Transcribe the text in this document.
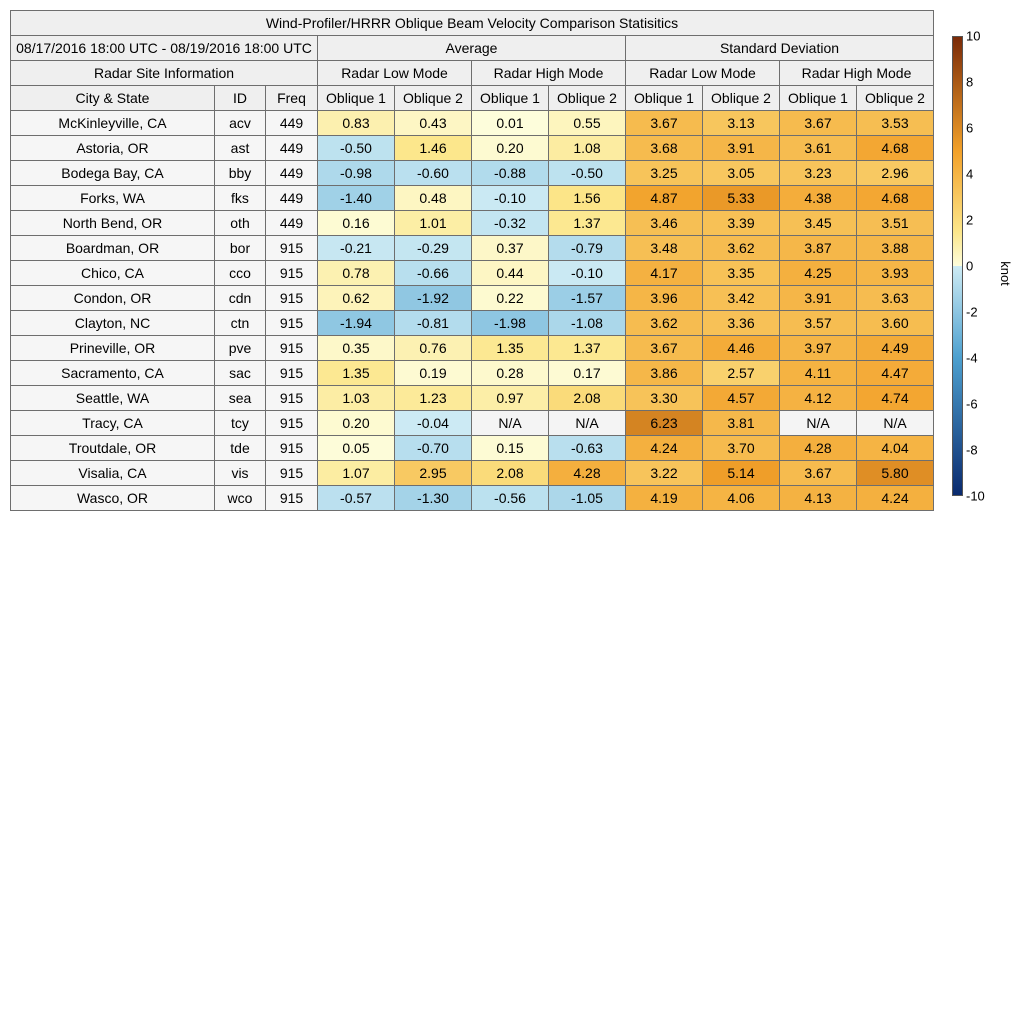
Wind-Profiler/HRRR Oblique Beam Velocity Comparison Statisitics										
08/17/2016 18:00 UTC - 08/19/2016 18:00 UTC			Average				Standard Deviation			
Radar Site Information			Radar Low Mode		Radar High Mode		Radar Low Mode		Radar High Mode	
City & State	ID	Freq	Oblique 1	Oblique 2	Oblique 1	Oblique 2	Oblique 1	Oblique 2	Oblique 1	Oblique 2
McKinleyville, CA	acv	449	0.83	0.43	0.01	0.55	3.67	3.13	3.67	3.53
Astoria, OR	ast	449	-0.50	1.46	0.20	1.08	3.68	3.91	3.61	4.68
Bodega Bay, CA	bby	449	-0.98	-0.60	-0.88	-0.50	3.25	3.05	3.23	2.96
Forks, WA	fks	449	-1.40	0.48	-0.10	1.56	4.87	5.33	4.38	4.68
North Bend, OR	oth	449	0.16	1.01	-0.32	1.37	3.46	3.39	3.45	3.51
Boardman, OR	bor	915	-0.21	-0.29	0.37	-0.79	3.48	3.62	3.87	3.88
Chico, CA	cco	915	0.78	-0.66	0.44	-0.10	4.17	3.35	4.25	3.93
Condon, OR	cdn	915	0.62	-1.92	0.22	-1.57	3.96	3.42	3.91	3.63
Clayton, NC	ctn	915	-1.94	-0.81	-1.98	-1.08	3.62	3.36	3.57	3.60
Prineville, OR	pve	915	0.35	0.76	1.35	1.37	3.67	4.46	3.97	4.49
Sacramento, CA	sac	915	1.35	0.19	0.28	0.17	3.86	2.57	4.11	4.47
Seattle, WA	sea	915	1.03	1.23	0.97	2.08	3.30	4.57	4.12	4.74
Tracy, CA	tcy	915	0.20	-0.04	N/A	N/A	6.23	3.81	N/A	N/A
Troutdale, OR	tde	915	0.05	-0.70	0.15	-0.63	4.24	3.70	4.28	4.04
Visalia, CA	vis	915	1.07	2.95	2.08	4.28	3.22	5.14	3.67	5.80
Wasco, OR	wco	915	-0.57	-1.30	-0.56	-1.05	4.19	4.06	4.13	4.24
10
8
6
4
2
0
-2
-4
-6
-8
-10
knot
